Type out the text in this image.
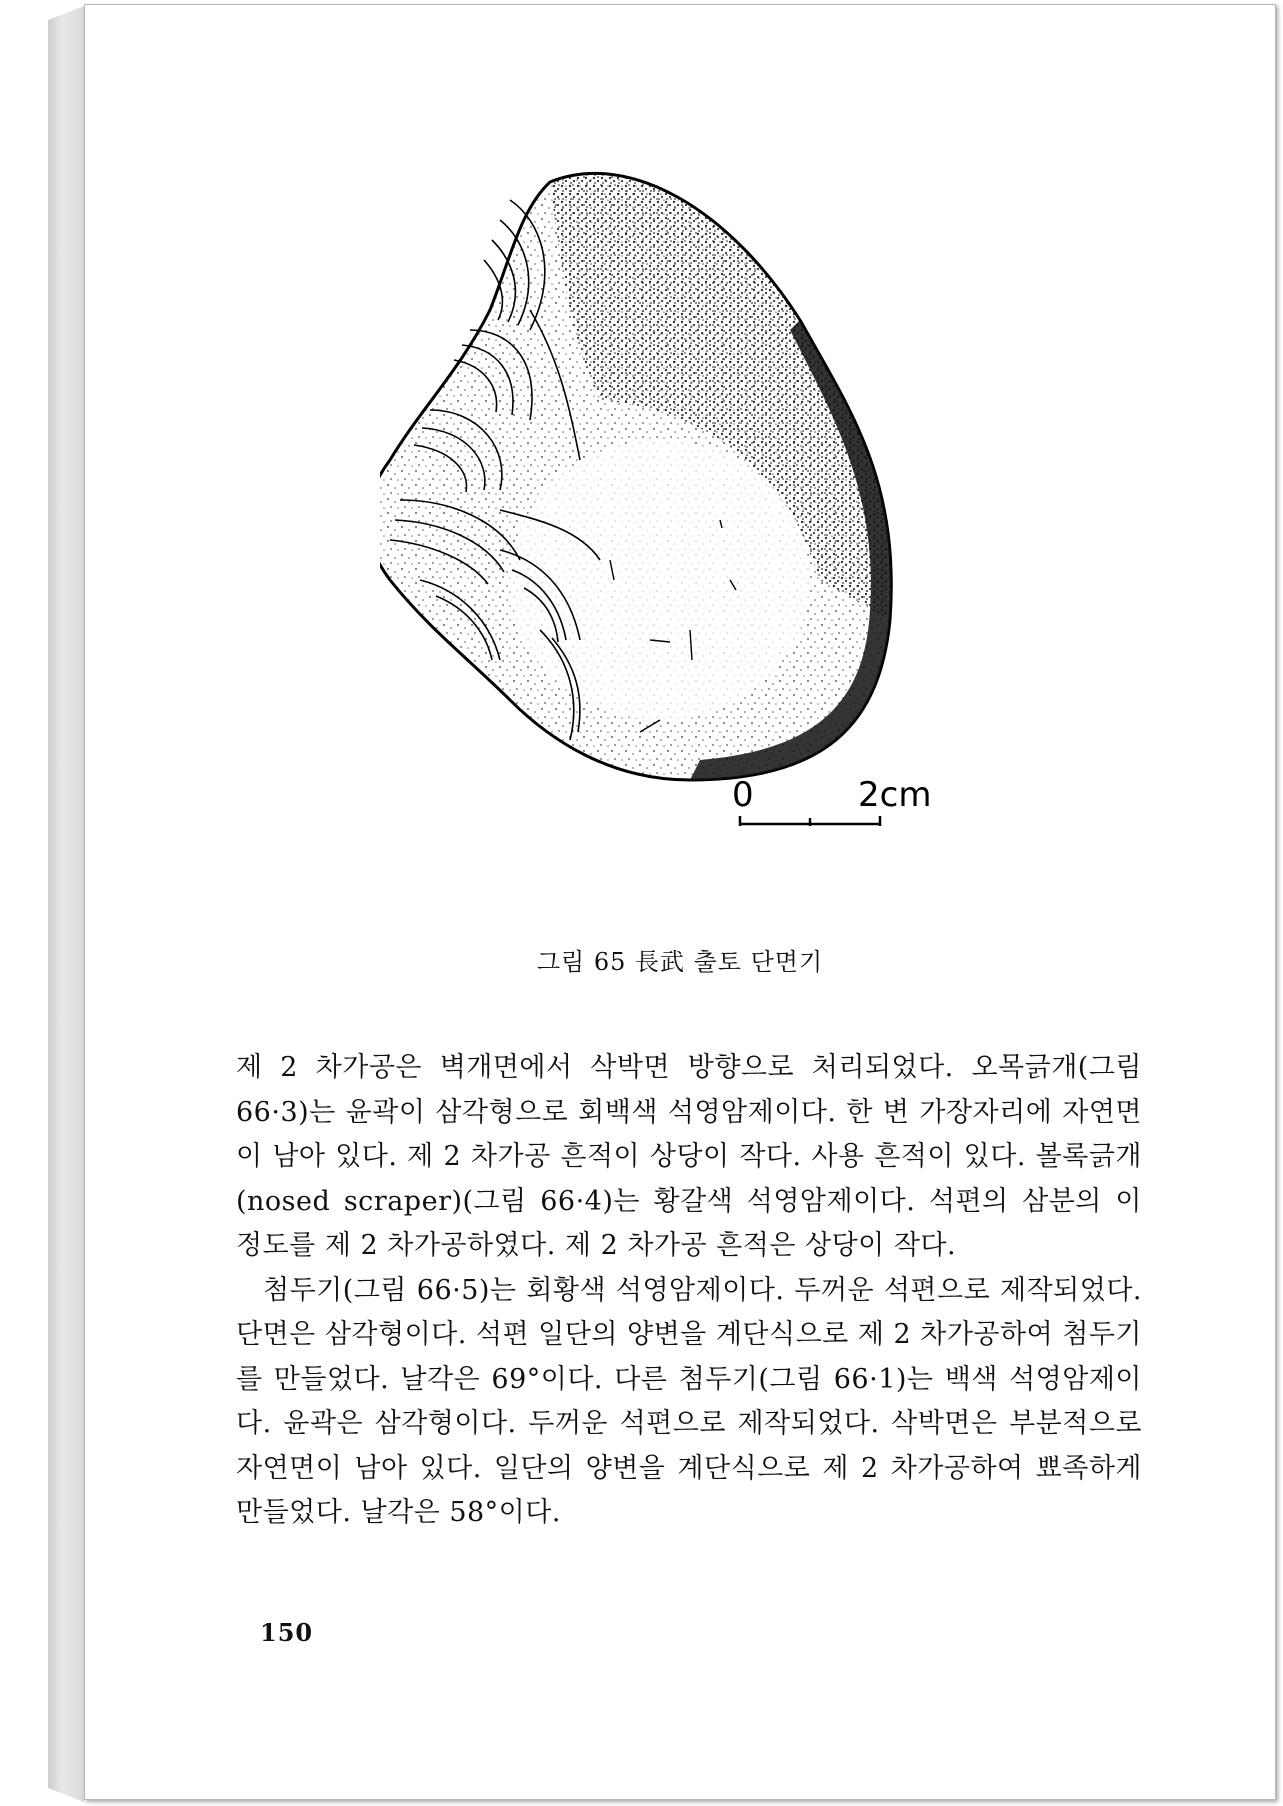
0	2cm
그림 65 長武 출토 단면기

제 2 차가공은 벽개면에서 삭박면 방향으로 처리되었다. 오목긁개(그림 66·3)는 윤곽이 삼각형으로 회백색 석영암제이다. 한 변 가장자리에 자연면이 남아 있다. 제 2 차가공 흔적이 상당이 작다. 사용 흔적이 있다. 볼록긁개(nosed scraper)(그림 66·4)는 황갈색 석영암제이다. 석편의 삼분의 이 정도를 제 2 차가공하였다. 제 2 차가공 흔적은 상당이 작다.

첨두기(그림 66·5)는 회황색 석영암제이다. 두꺼운 석편으로 제작되었다. 단면은 삼각형이다. 석편 일단의 양변을 계단식으로 제 2 차가공하여 첨두기를 만들었다. 날각은 69°이다. 다른 첨두기(그림 66·1)는 백색 석영암제이다. 윤곽은 삼각형이다. 두꺼운 석편으로 제작되었다. 삭박면은 부분적으로 자연면이 남아 있다. 일단의 양변을 계단식으로 제 2 차가공하여 뾰족하게 만들었다. 날각은 58°이다.

150
